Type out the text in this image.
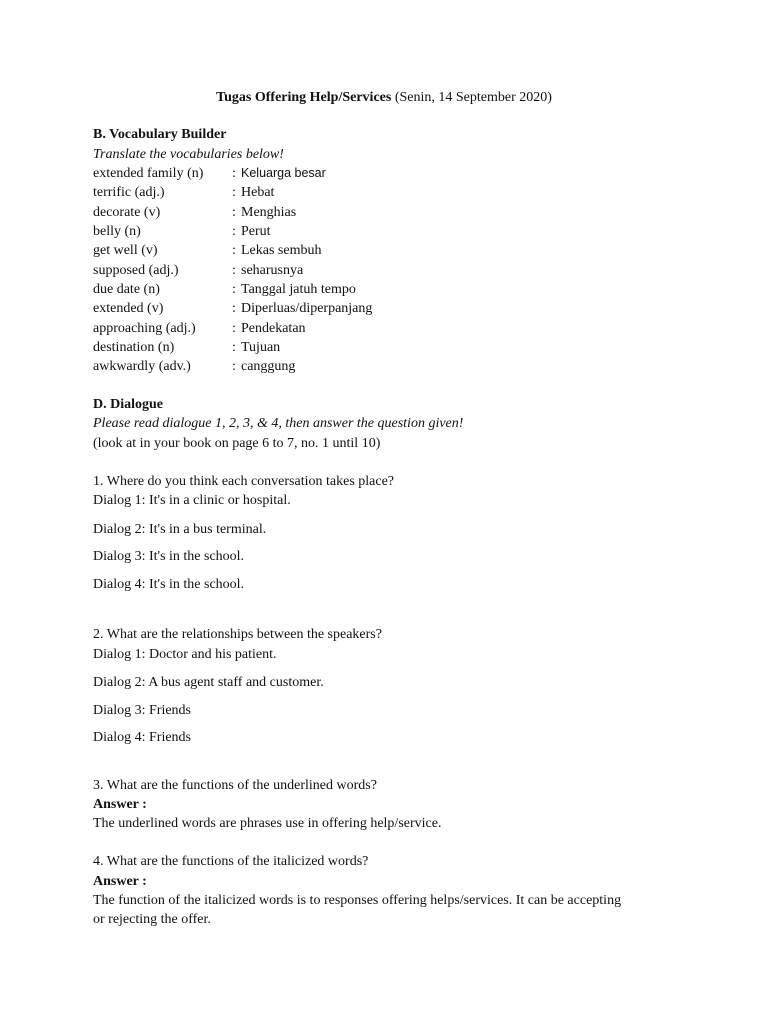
Tugas Offering Help/Services (Senin, 14 September 2020)
B. Vocabulary Builder
Translate the vocabularies below!
extended family (n) : Keluarga besar
terrific (adj.)	: Hebat
decorate (v)	: Menghias
belly (n)	: Perut
get well (v)	: Lekas sembuh
supposed (adj.)	: seharusnya
due date (n)	: Tanggal jatuh tempo
extended (v)	: Diperluas/diperpanjang
approaching (adj.)	: Pendekatan
destination (n)	: Tujuan
awkwardly (adv.)	: canggung
D. Dialogue
Please read dialogue 1, 2, 3, & 4, then answer the question given!
(look at in your book on page 6 to 7, no. 1 until 10)
1. Where do you think each conversation takes place?
Dialog 1: It's in a clinic or hospital.
Dialog 2: It's in a bus terminal.
Dialog 3: It's in the school.
Dialog 4: It's in the school.
2. What are the relationships between the speakers?
Dialog 1: Doctor and his patient.
Dialog 2: A bus agent staff and customer.
Dialog 3: Friends
Dialog 4: Friends
3. What are the functions of the underlined words?
Answer :
The underlined words are phrases use in offering help/service.
4. What are the functions of the italicized words?
Answer :
The function of the italicized words is to responses offering helps/services. It can be accepting or rejecting the offer.
